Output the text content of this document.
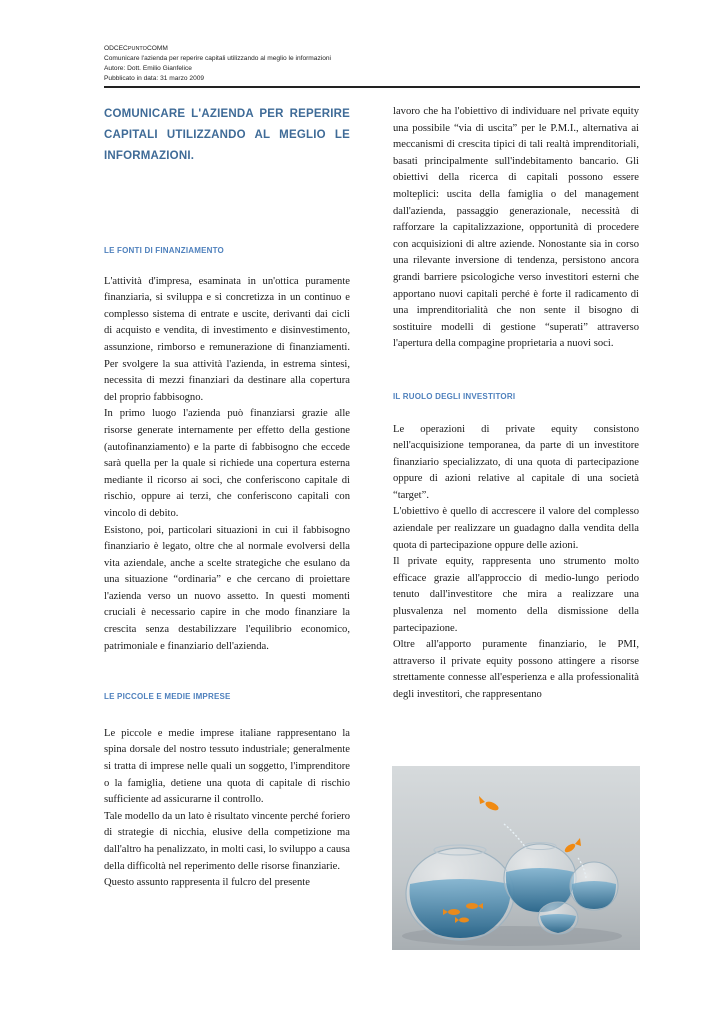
ODCECPUNTOCOMM
Comunicare l'azienda per reperire capitali utilizzando al meglio le informazioni
Autore: Dott. Emilio Gianfelice
Pubblicato in data: 31 marzo 2009
COMUNICARE L'AZIENDA PER REPERIRE CAPITALI UTILIZZANDO AL MEGLIO LE INFORMAZIONI.
LE FONTI DI FINANZIAMENTO

L'attività d'impresa, esaminata in un'ottica puramente finanziaria, si sviluppa e si concretizza in un continuo e complesso sistema di entrate e uscite, derivanti dai cicli di acquisto e vendita, di investimento e disinvestimento, assunzione, rimborso e remunerazione di finanziamenti. Per svolgere la sua attività l'azienda, in estrema sintesi, necessita di mezzi finanziari da destinare alla copertura del proprio fabbisogno.

In primo luogo l'azienda può finanziarsi grazie alle risorse generate internamente per effetto della gestione (autofinanziamento) e la parte di fabbisogno che eccede sarà quella per la quale si richiede una copertura esterna mediante il ricorso ai soci, che conferiscono capitale di rischio, oppure ai terzi, che conferiscono capitali con vincolo di debito.

Esistono, poi, particolari situazioni in cui il fabbisogno finanziario è legato, oltre che al normale evolversi della vita aziendale, anche a scelte strategiche che esulano da una situazione “ordinaria” e che cercano di proiettare l'azienda verso un nuovo assetto. In questi momenti cruciali è necessario capire in che modo finanziare la crescita senza destabilizzare l'equilibrio economico, patrimoniale e finanziario dell'azienda.

LE PICCOLE E MEDIE IMPRESE

Le piccole e medie imprese italiane rappresentano la spina dorsale del nostro tessuto industriale; generalmente si tratta di imprese nelle quali un soggetto, l'imprenditore o la famiglia, detiene una quota di capitale di rischio sufficiente ad assicurarne il controllo.

Tale modello da un lato è risultato vincente perché foriero di strategie di nicchia, elusive della competizione ma dall'altro ha penalizzato, in molti casi, lo sviluppo a causa della difficoltà nel reperimento delle risorse finanziarie.

Questo assunto rappresenta il fulcro del presente

lavoro che ha l'obiettivo di individuare nel private equity una possibile “via di uscita” per le P.M.I., alternativa ai meccanismi di crescita tipici di tali realtà imprenditoriali, basati principalmente sull'indebitamento bancario. Gli obiettivi della ricerca di capitali possono essere molteplici: uscita della famiglia o del management dall'azienda, passaggio generazionale, necessità di rafforzare la capitalizzazione, opportunità di procedere con acquisizioni di altre aziende. Nonostante sia in corso una rilevante inversione di tendenza, persistono ancora grandi barriere psicologiche verso investitori esterni che apportano nuovi capitali perché è forte il radicamento di una imprenditorialità che non sente il bisogno di sostituire modelli di gestione “superati” attraverso l'apertura della compagine proprietaria a nuovi soci.

IL RUOLO DEGLI INVESTITORI

Le operazioni di private equity consistono nell'acquisizione temporanea, da parte di un investitore finanziario specializzato, di una quota di partecipazione oppure di azioni relative al capitale di una società “target”.

L'obiettivo è quello di accrescere il valore del complesso aziendale per realizzare un guadagno dalla vendita della quota di partecipazione oppure delle azioni.

Il private equity, rappresenta uno strumento molto efficace grazie all'approccio di medio-lungo periodo tenuto dall'investitore che mira a realizzare una plusvalenza nel momento della dismissione della partecipazione.

Oltre all'apporto puramente finanziario, le PMI, attraverso il private equity possono attingere a risorse strettamente connesse all'esperienza e alla professionalità degli investitori, che rappresentano
